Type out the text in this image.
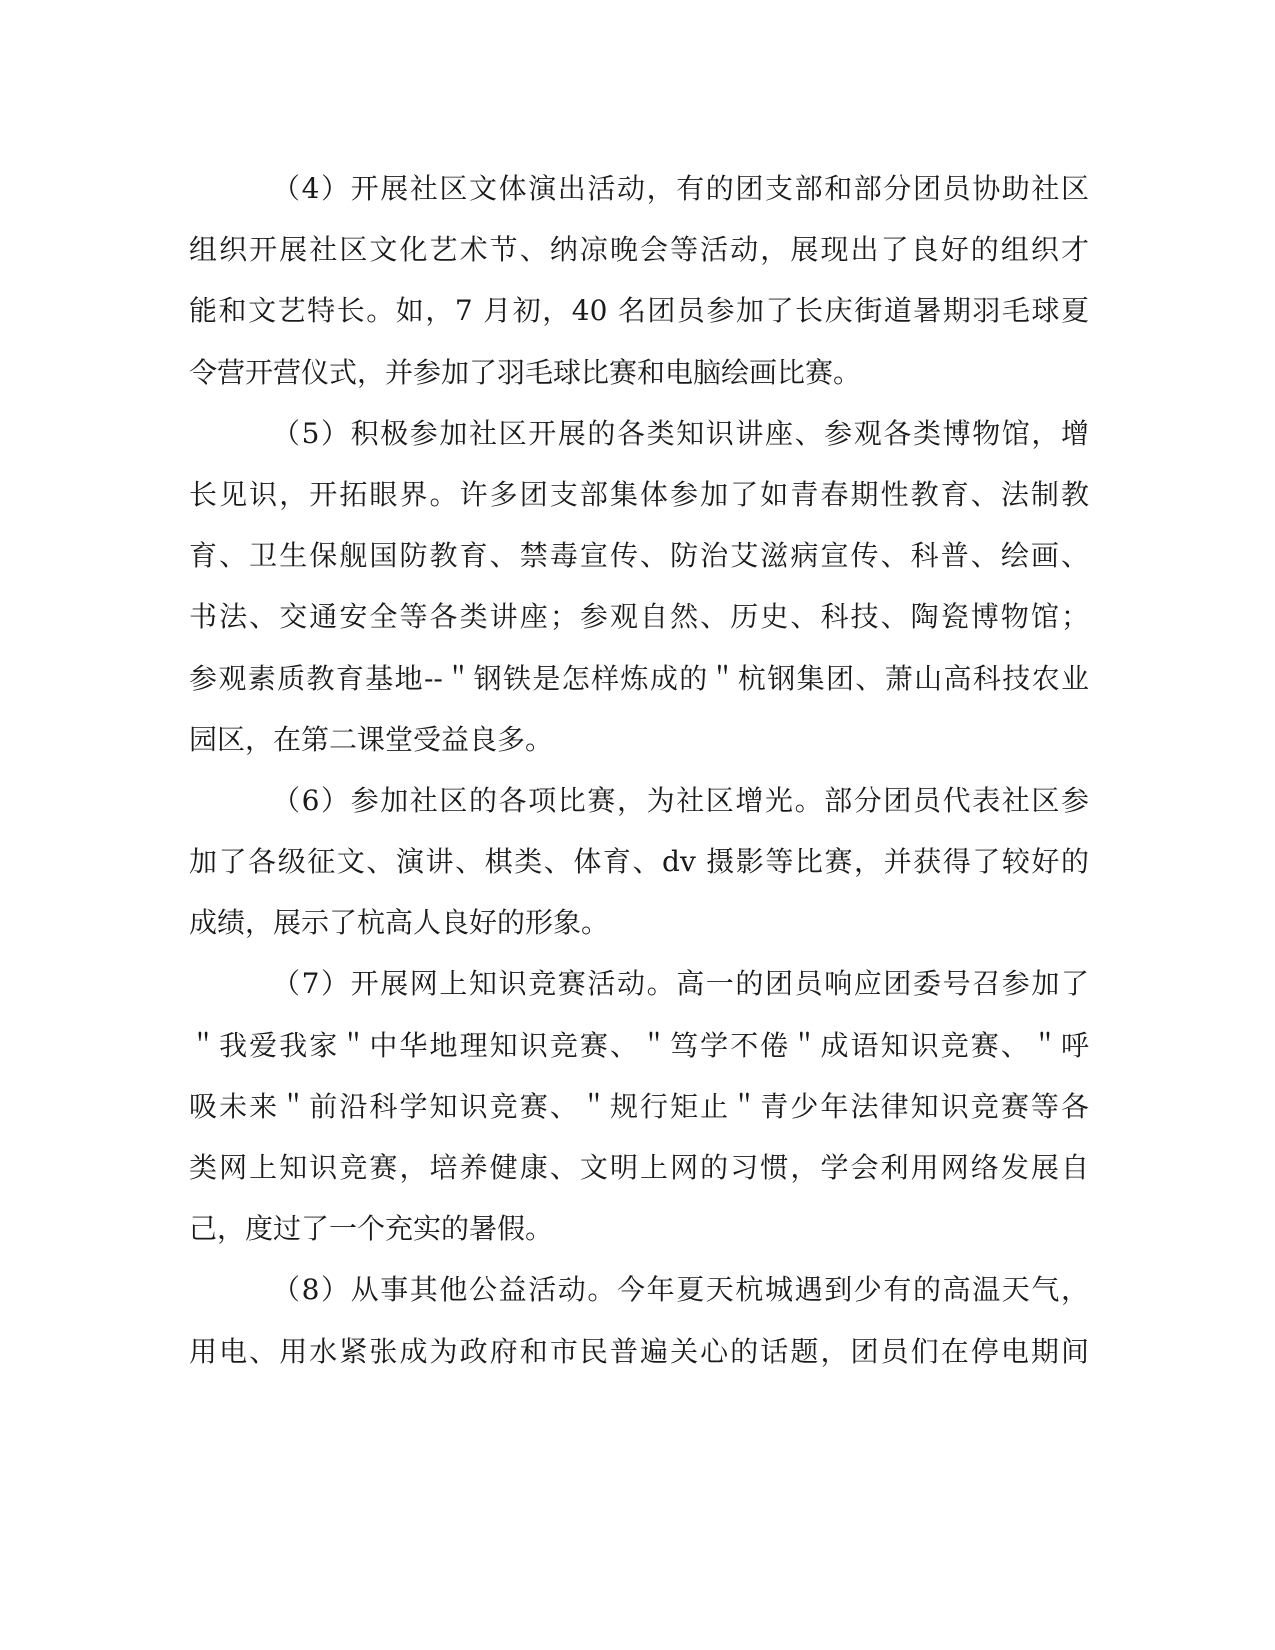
（4）开展社区文体演出活动，有的团支部和部分团员协助社区
组织开展社区文化艺术节、纳凉晚会等活动，展现出了良好的组织才
能和文艺特长。如，7 月初，40 名团员参加了长庆街道暑期羽毛球夏
令营开营仪式，并参加了羽毛球比赛和电脑绘画比赛。
（5）积极参加社区开展的各类知识讲座、参观各类博物馆，增
长见识，开拓眼界。许多团支部集体参加了如青春期性教育、法制教
育、卫生保舰国防教育、禁毒宣传、防治艾滋病宣传、科普、绘画、
书法、交通安全等各类讲座；参观自然、历史、科技、陶瓷博物馆；
参观素质教育基地--＂钢铁是怎样炼成的＂杭钢集团、萧山高科技农业
园区，在第二课堂受益良多。
（6）参加社区的各项比赛，为社区增光。部分团员代表社区参
加了各级征文、演讲、棋类、体育、dv 摄影等比赛，并获得了较好的
成绩，展示了杭高人良好的形象。
（7）开展网上知识竞赛活动。高一的团员响应团委号召参加了
＂我爱我家＂中华地理知识竞赛、＂笃学不倦＂成语知识竞赛、＂呼
吸未来＂前沿科学知识竞赛、＂规行矩止＂青少年法律知识竞赛等各
类网上知识竞赛，培养健康、文明上网的习惯，学会利用网络发展自
己，度过了一个充实的暑假。
（8）从事其他公益活动。今年夏天杭城遇到少有的高温天气，
用电、用水紧张成为政府和市民普遍关心的话题，团员们在停电期间
